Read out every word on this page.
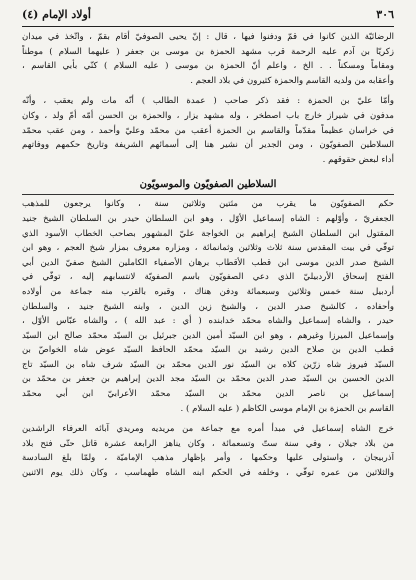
٣٠٦
أولاد الإمام (٤)
الرضائيّة الذين كانوا في قمّ ودفنوا فيها ، قال : إنّ يحيى الصوفيّ أقام بقمّ ، واتّخذ في ميدان
زكريّا بن آدم عليه الرحمة قرب مشهد الحمزة بن موسى بن جعفر ( عليهما السلام ) موطناً
ومقاماً ومسكناً . . الخ ، واعلم أنّ الحمزة بن موسى ( عليه السلام ) كنّي بأبي القاسم ،
وأعقابه من ولديه القاسم والحمزة كثيرون في بلاد العجم .
وأمّا عليّ بن الحمزة : فقد ذكر صاحب ( عمدة الطالب ) أنّه مات ولم يعقب ، وأنّه
مدفون في شيراز خارج باب اصطخر ، وله مشهد يزار ، والحمزة بن الحسن أمّه أمّ ولد ، وكان
في خراسان عظيماً مقدّماً والقاسم بن الحمزة أعقب من محمّد وعليّ وأحمد ، ومن عقب محمّد
السلاطين الصفويّون ، ومن الجدير أن نشير هنا إلى أسمائهم الشريفة وتاريخ حكمهم ووفاتهم
أداء لبعض حقوقهم .
السلاطين الصفويّون والموسويّون
حكم الصفويّون ما يقرب من مئتين وثلاثين سنة ، وكانوا يرجعون للمذهب
الجعفريّ ، وأوّلهم : الشاه إسماعيل الأوّل ، وهو ابن السلطان حيدر بن السلطان الشيخ جنيد
المقتول ابن السلطان الشيخ إبراهيم بن الخواجة عليّ المشهور بصاحب الخطاب الأسود الذي
توفّي في بيت المقدس سنة ثلاث وثلاثين وثمانمائة ، ومزاره معروف بمزار شيخ العجم ، وهو ابن
الشيخ صدر الدين موسى ابن قطب الأقطاب برهان الأصفياء الكاملين الشيخ صفيّ الدين أبي
الفتح إسحاق الأردبيليّ الذي دعي الصفويّون باسم الصفويّة لانتسابهم إليه ، توفّي في
أردبيل سنة خمس وثلاثين وسبعمائة ودفن هناك ، وقبره بالقرب منه جماعة من أولاده
وأحفاده ، كالشيخ صدر الدين ، والشيخ زين الدين ، وابنه الشيخ جنيد ، والسلطان
حيدر ، والشاه إسماعيل والشاه محمّد خدابنده ( أي : عبد الله ) ، والشاه عبّاس الأوّل ،
وإسماعيل الميرزا وغيرهم ، وهو ابن السيّد أمين الدين جبرئيل بن السيّد محمّد صالح ابن السيّد
قطب الدين بن صلاح الدين رشيد بن السيّد محمّد الحافظ السيّد عوض شاه الخواصّ بن
السيّد فيروز شاه زرّين كلاه بن السيّد نور الدين محمّد بن السيّد شرف شاه بن السيّد تاج
الدين الحسين بن السيّد صدر الدين محمّد بن السيّد مجد الدين إبراهيم بن جعفر بن محمّد بن
إسماعيل بن ناصر الدين محمّد بن السيّد محمّد الأعرابيّ ابن أبي محمّد
القاسم بن الحمزة بن الإمام موسى الكاظم ( عليه السلام ) .
خرج الشاه إسماعيل في مبدأ أمره مع جماعة من مريديه ومريدي آبائه العرفاء الراشدين
من بلاد جيلان ، وفي سنة ستّ وتسعمائة ، وكان يناهز الرابعة عشرة قاتل حتّى فتح بلاد
آذربيجان ، واستولى عليها وحكمها ، وأمر بإظهار مذهب الإماميّة ، ولمّا بلغ السادسة
والثلاثين من عمره توفّي ، وخلفه في الحكم ابنه الشاه طهماسب ، وكان ذلك يوم الاثنين
